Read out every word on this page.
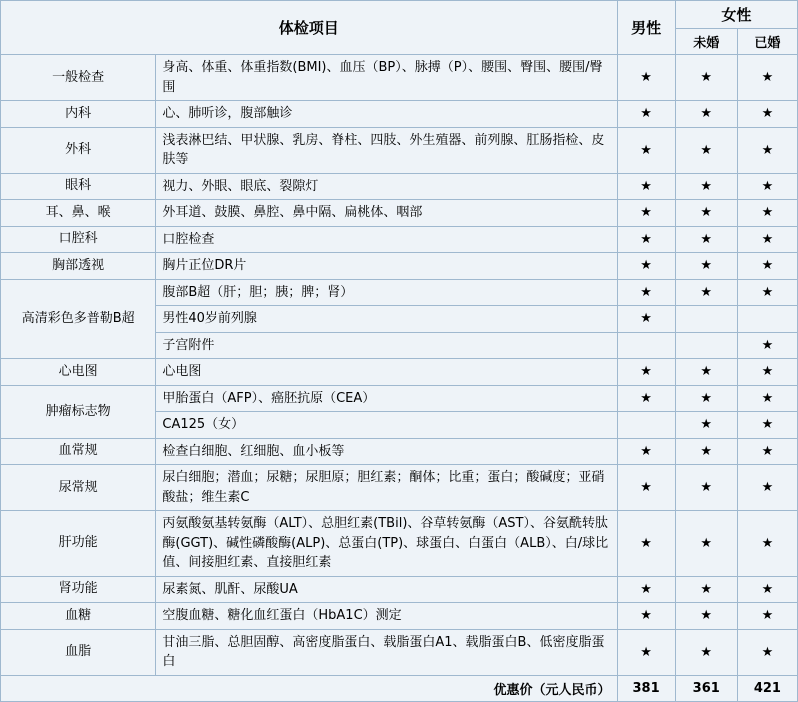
体检项目		男性	女性	
			未婚	已婚
一般检查	身高、体重、体重指数(BMI)、血压（BP）、脉搏（P）、腰围、臀围、腰围/臀围	★	★	★
内科	心、肺听诊，腹部触诊	★	★	★
外科	浅表淋巴结、甲状腺、乳房、脊柱、四肢、外生殖器、前列腺、肛肠指检、皮肤等	★	★	★
眼科	视力、外眼、眼底、裂隙灯	★	★	★
耳、鼻、喉	外耳道、鼓膜、鼻腔、鼻中隔、扁桃体、咽部	★	★	★
口腔科	口腔检查	★	★	★
胸部透视	胸片正位DR片	★	★	★
高清彩色多普勒B超	腹部B超（肝；胆；胰；脾；肾）	★	★	★
	男性40岁前列腺	★		
	子宫附件			★
心电图	心电图	★	★	★
肿瘤标志物	甲胎蛋白（AFP）、癌胚抗原（CEA）	★	★	★
	CA125（女）		★	★
血常规	检查白细胞、红细胞、血小板等	★	★	★
尿常规	尿白细胞；潜血；尿糖；尿胆原；胆红素；酮体；比重；蛋白；酸碱度；亚硝酸盐；维生素C	★	★	★
肝功能	丙氨酸氨基转氨酶（ALT）、总胆红素(TBil)、谷草转氨酶（AST）、谷氨酰转肽酶(GGT)、碱性磷酸酶(ALP)、总蛋白(TP)、球蛋白、白蛋白（ALB）、白/球比值、间接胆红素、直接胆红素	★	★	★
肾功能	尿素氮、肌酐、尿酸UA	★	★	★
血糖	空腹血糖、糖化血红蛋白（HbA1C）测定	★	★	★
血脂	甘油三脂、总胆固醇、高密度脂蛋白、载脂蛋白A1、载脂蛋白B、低密度脂蛋白	★	★	★
优惠价（元人民币）		381	361	421
